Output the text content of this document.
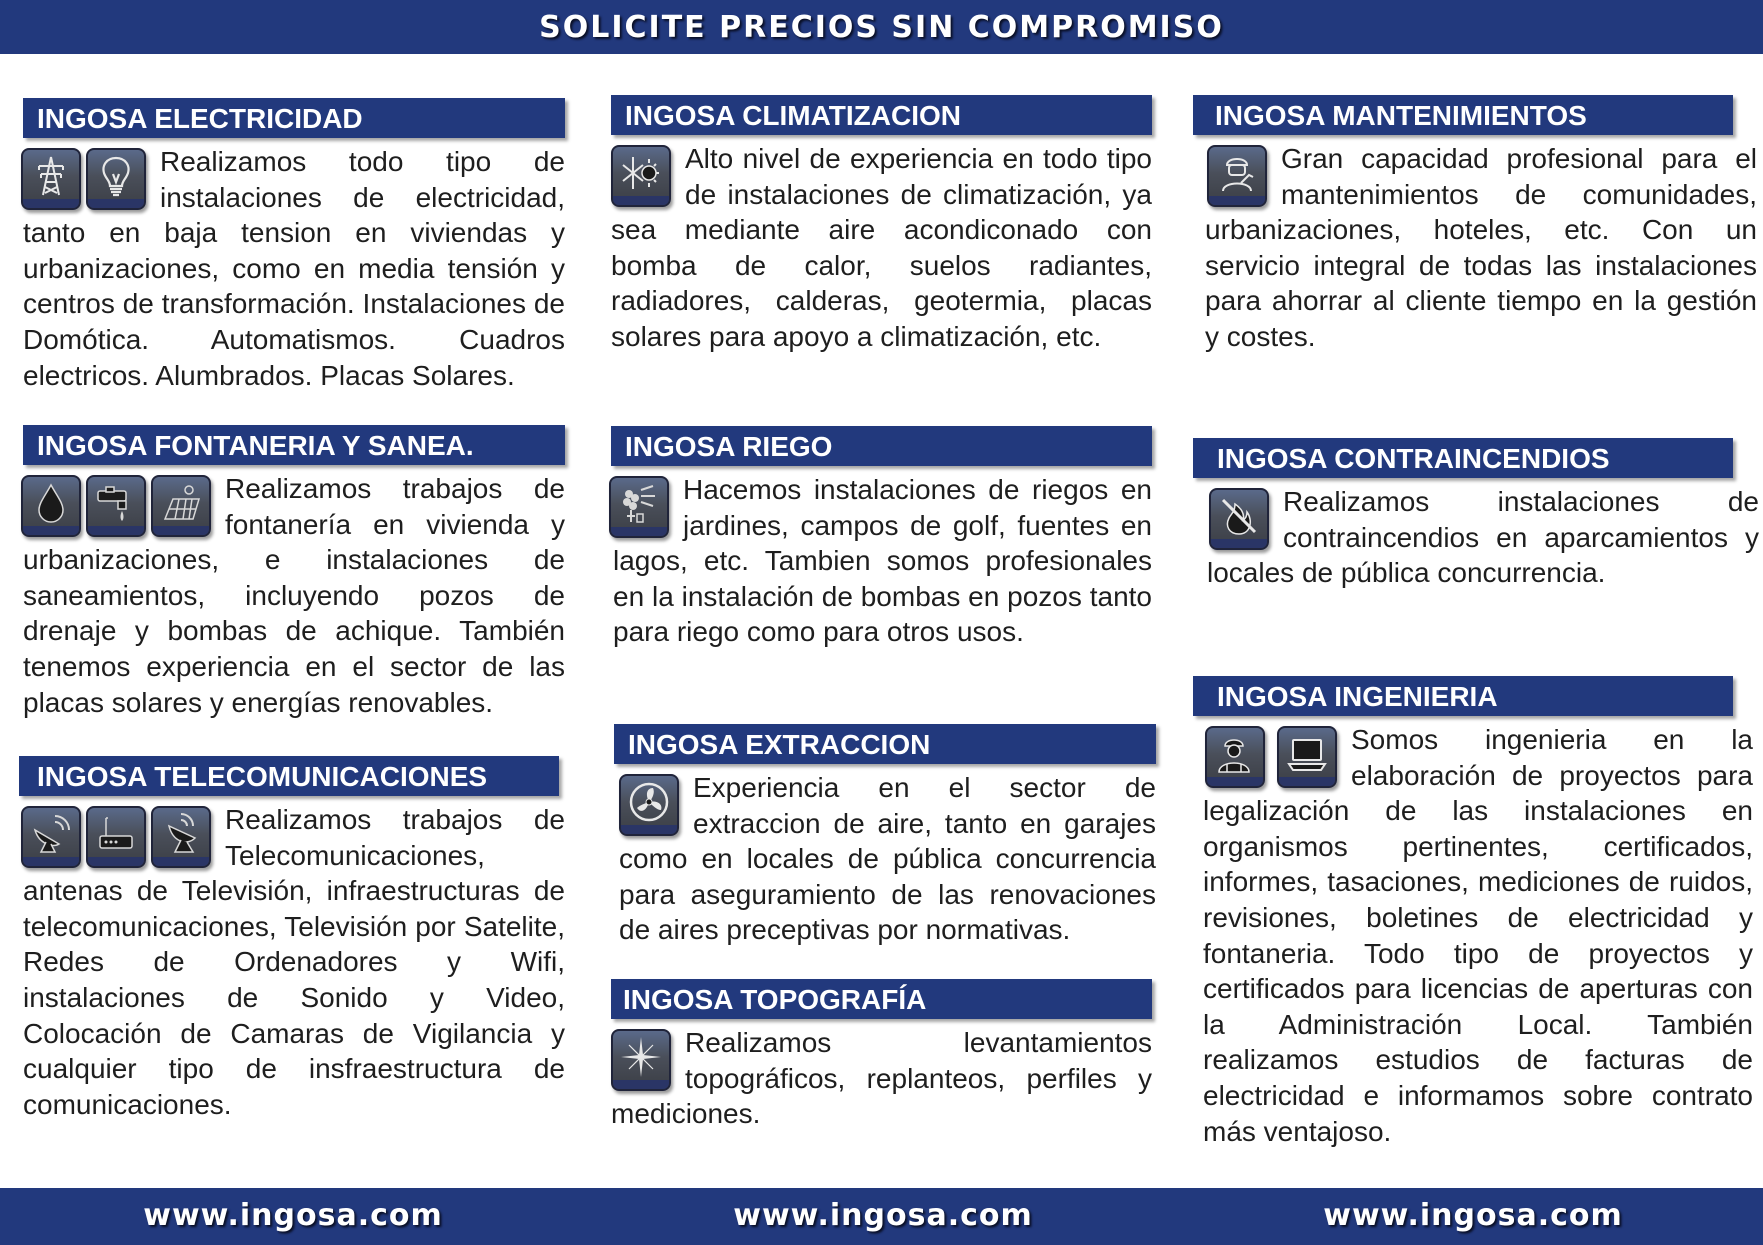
SOLICITE PRECIOS SIN COMPROMISO
INGOSA ELECTRICIDAD
Realizamos todo tipo de instalaciones de electricidad, tanto en baja tension en viviendas y urbanizaciones, como en media tensión y centros de transformación. Instalaciones de Domótica. Automatismos. Cuadros electricos. Alumbrados. Placas Solares.
INGOSA FONTANERIA Y SANEA.
Realizamos trabajos de fontanería en vivienda y urbanizaciones, e instalaciones de saneamientos, incluyendo pozos de drenaje y bombas de achique. También tenemos experiencia en el sector de las placas solares y energías renovables.
INGOSA TELECOMUNICACIONES
Realizamos trabajos de Telecomunicaciones, antenas de Televisión, infraestructuras de telecomunicaciones, Televisión por Satelite, Redes de Ordenadores y Wifi, instalaciones de Sonido y Video, Colocación de Camaras de Vigilancia y cualquier tipo de insfraestructura de comunicaciones.
INGOSA CLIMATIZACION
Alto nivel de experiencia en todo tipo de instalaciones de climatización, ya sea mediante aire acondiconado con bomba de calor, suelos radiantes, radiadores, calderas, geotermia, placas solares para apoyo a climatización, etc.
INGOSA RIEGO
Hacemos instalaciones de riegos en jardines, campos de golf, fuentes en lagos, etc. Tambien somos profesionales en la instalación de bombas en pozos tanto para riego como para otros usos.
INGOSA EXTRACCION
Experiencia en el sector de extraccion de aire, tanto en garajes como en locales de pública concurrencia para aseguramiento de las renovaciones de aires preceptivas por normativas.
INGOSA TOPOGRAFÍA
Realizamos levantamientos topográficos, replanteos, perfiles y mediciones.
INGOSA MANTENIMIENTOS
Gran capacidad profesional para el mantenimientos de comunidades, urbanizaciones, hoteles, etc. Con un servicio integral de todas las instalaciones para ahorrar al cliente tiempo en la gestión y costes.
INGOSA CONTRAINCENDIOS
Realizamos instalaciones de contraincendios en aparcamientos y locales de pública concurrencia.
INGOSA INGENIERIA
Somos ingenieria en la elaboración de proyectos para legalización de las instalaciones en organismos pertinentes, certificados, informes, tasaciones, mediciones de ruidos, revisiones, boletines de electricidad y fontaneria. Todo tipo de proyectos y certificados para licencias de aperturas con la Administración Local. También realizamos estudios de facturas de electricidad e informamos sobre contrato más ventajoso.
www.ingosa.com	www.ingosa.com	www.ingosa.com
